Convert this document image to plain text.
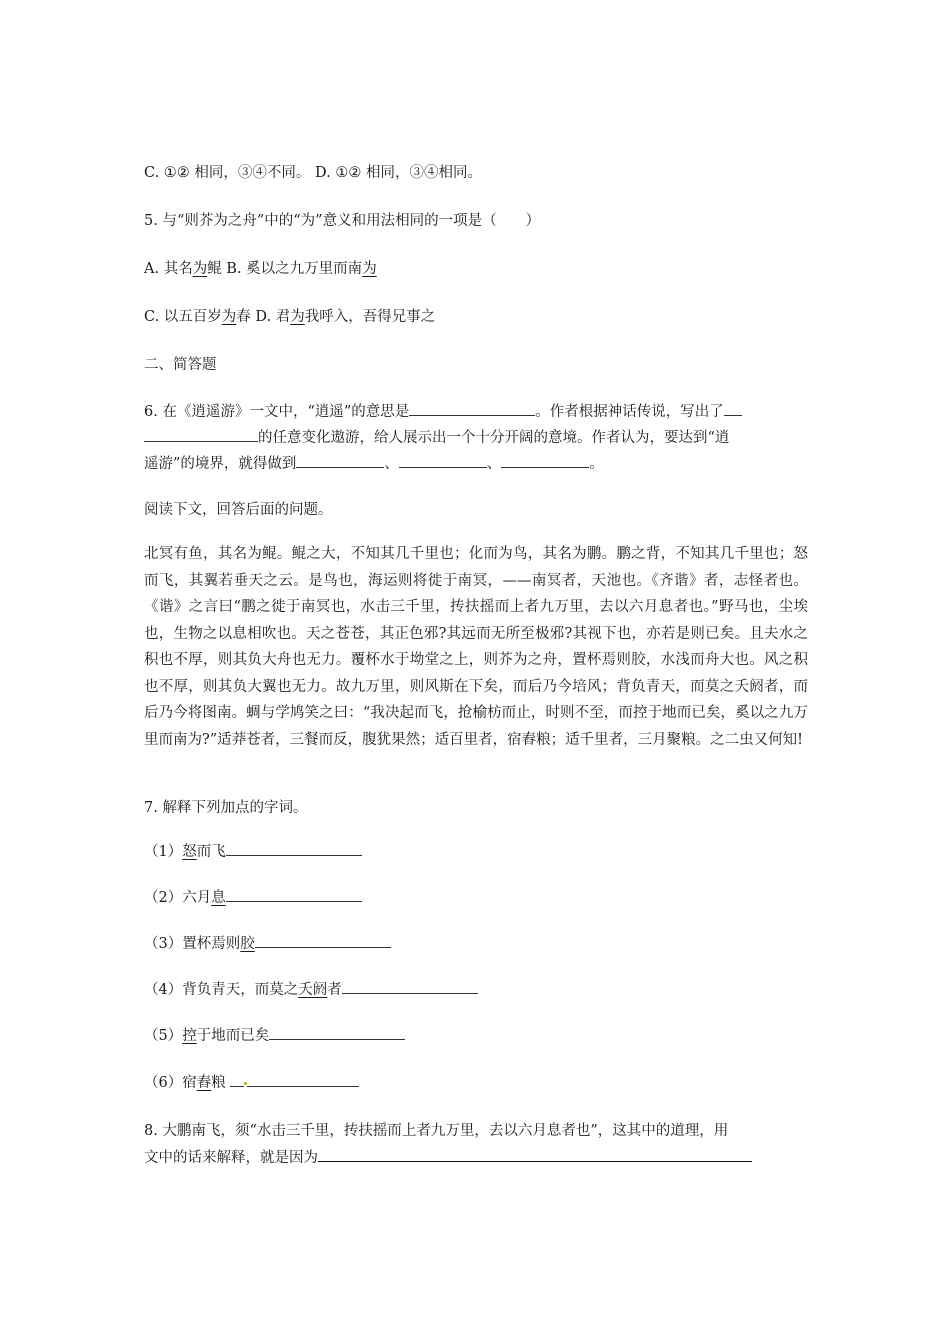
C. ①② 相同，③④不同。 D. ①② 相同，③④相同。
5. 与“则芥为之舟”中的“为”意义和用法相同的一项是（　　）
A. 其名为鲲 B. 奚以之九万里而南为
C. 以五百岁为春 D. 君为我呼入，吾得兄事之
二、简答题
6. 在《逍遥游》一文中，“逍遥”的意思是	。作者根据神话传说，写出了
的任意变化遨游，给人展示出一个十分开阔的意境。作者认为，要达到“逍
遥游”的境界，就得做到	、	、	。
阅读下文，回答后面的问题。
北冥有鱼，其名为鲲。鲲之大，不知其几千里也；化而为鸟，其名为鹏。鹏之背，不知其几千里也；怒而飞，其翼若垂天之云。是鸟也，海运则将徙于南冥，——南冥者，天池也。《齐谐》者，志怪者也。《谐》之言曰“鹏之徙于南冥也，水击三千里，抟扶摇而上者九万里，去以六月息者也。”野马也，尘埃也，生物之以息相吹也。天之苍苍，其正色邪?其远而无所至极邪?其视下也，亦若是则已矣。且夫水之积也不厚，则其负大舟也无力。覆杯水于坳堂之上，则芥为之舟，置杯焉则胶，水浅而舟大也。风之积也不厚，则其负大翼也无力。故九万里，则风斯在下矣，而后乃今培风；背负青天，而莫之夭阏者，而后乃今将图南。蜩与学鸠笑之曰：“我决起而飞，抢榆枋而止，时则不至，而控于地而已矣，奚以之九万里而南为?”适莽苍者，三餐而反，腹犹果然；适百里者，宿舂粮；适千里者，三月聚粮。之二虫又何知!
7. 解释下列加点的字词。
（1）怒而飞
（2）六月息
（3）置杯焉则胶
（4）背负青天，而莫之夭阏者
（5）控于地而已矣
（6）宿舂粮
8. 大鹏南飞，须“水击三千里，抟扶摇而上者九万里，去以六月息者也”，这其中的道理，用
文中的话来解释，就是因为
